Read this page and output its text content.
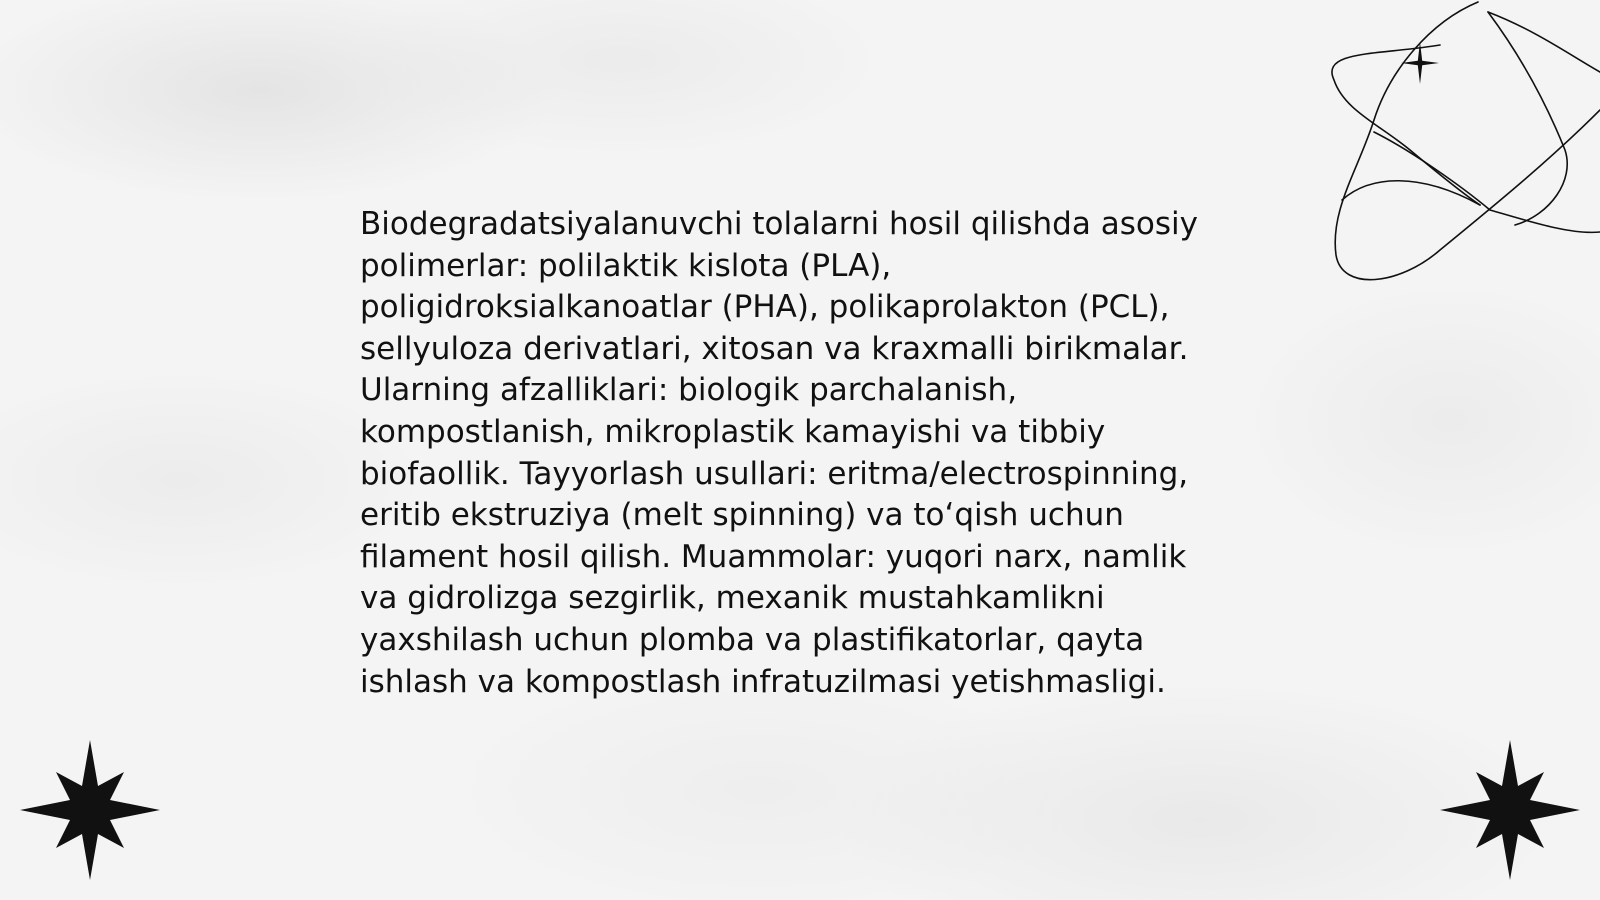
Biodegradatsiyalanuvchi tolalarni hosil qilishda asosiy
polimerlar: polilaktik kislota (PLA),
poligidroksialkanoatlar (PHA), polikaprolakton (PCL),
sellyuloza derivatlari, xitosan va kraxmalli birikmalar.
Ularning afzalliklari: biologik parchalanish,
kompostlanish, mikroplastik kamayishi va tibbiy
biofaollik. Tayyorlash usullari: eritma/electrospinning,
eritib ekstruziya (melt spinning) va to‘qish uchun
filament hosil qilish. Muammolar: yuqori narx, namlik
va gidrolizga sezgirlik, mexanik mustahkamlikni
yaxshilash uchun plomba va plastifikatorlar, qayta
ishlash va kompostlash infratuzilmasi yetishmasligi.
